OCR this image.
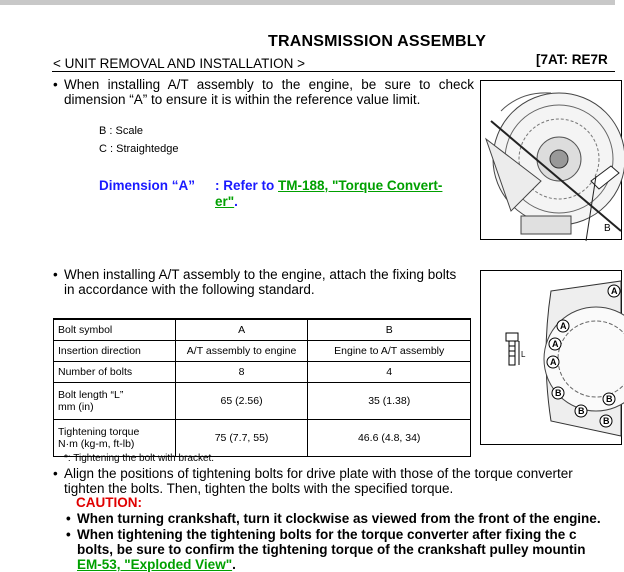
TRANSMISSION ASSEMBLY
< UNIT REMOVAL AND INSTALLATION >	[7AT: RE7R
• When installing A/T assembly to the engine, be sure to check
dimension “A” to ensure it is within the reference value limit.
B : Scale
C : Straightedge
Dimension “A” : Refer to TM-188, "Torque Convert-
er".
B
• When installing A/T assembly to the engine, attach the fixing bolts
in accordance with the following standard.
Bolt symbol	A	B
Insertion direction	A/T assembly to engine	Engine to A/T assembly
Number of bolts	8	4
Bolt length “L”
mm (in)	65 (2.56)	35 (1.38)
Tightening torque
N·m (kg-m, ft-lb)	75 (7.7, 55)	46.6 (4.8, 34)
*: Tightening the bolt with bracket.
L
A
A
A
A
B
B
B
B
• Align the positions of tightening bolts for drive plate with those of the torque converter
tighten the bolts. Then, tighten the bolts with the specified torque.
CAUTION:
• When turning crankshaft, turn it clockwise as viewed from the front of the engine.
• When tightening the tightening bolts for the torque converter after fixing the c
bolts, be sure to confirm the tightening torque of the crankshaft pulley mountin
EM-53, "Exploded View".
